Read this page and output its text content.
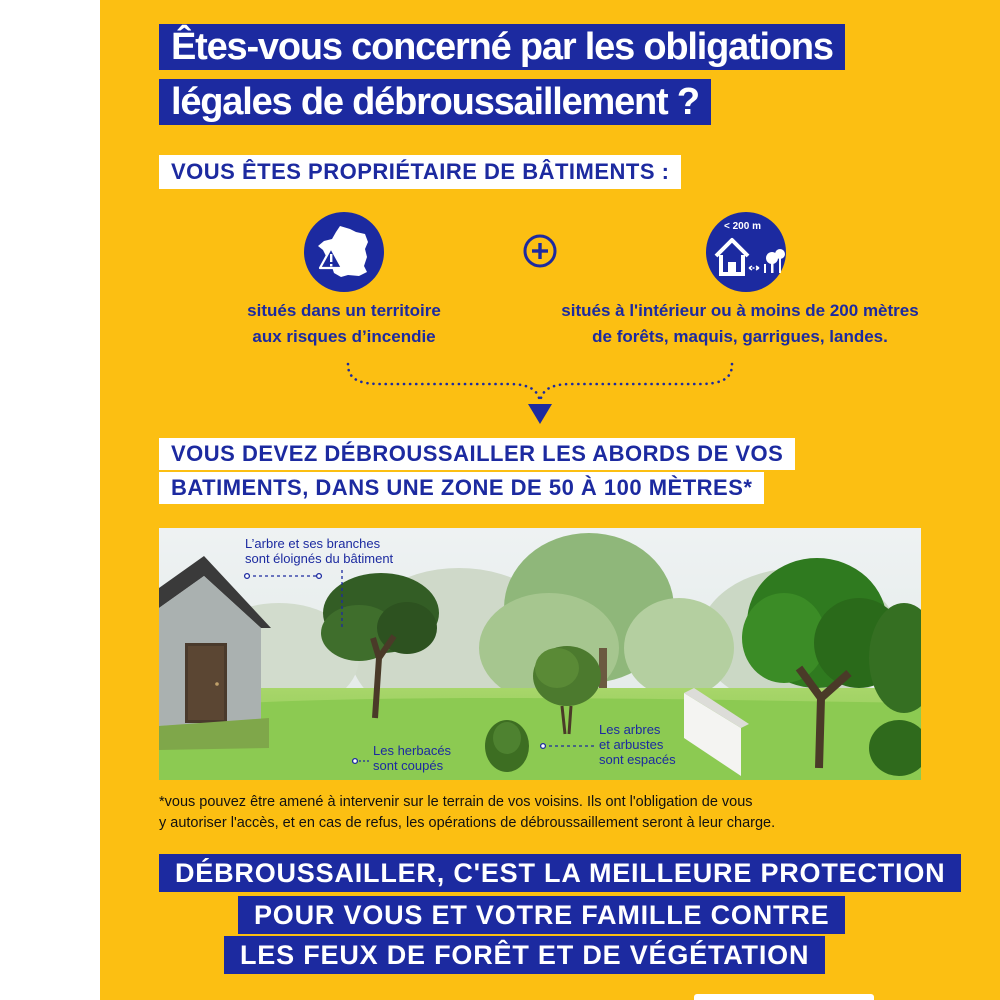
Êtes-vous concerné par les obligations
légales de débroussaillement ?
VOUS ÊTES PROPRIÉTAIRE DE BÂTIMENTS :
< 200 m
situés dans un territoire
aux risques d’incendie
situés à l'intérieur ou à moins de 200 mètres
de forêts, maquis, garrigues, landes.
VOUS DEVEZ DÉBROUSSAILLER LES ABORDS DE VOS
BATIMENTS, DANS UNE ZONE DE 50 À 100 MÈTRES*
L’arbre et ses branches
sont éloignés du bâtiment
Les herbacés
sont coupés
Les arbres
et arbustes
sont espacés
*vous pouvez être amené à intervenir sur le terrain de vos voisins. Ils ont l'obligation de vous
y autoriser l'accès, et en cas de refus, les opérations de débroussaillement seront à leur charge.
DÉBROUSSAILLER, C'EST LA MEILLEURE PROTECTION
POUR VOUS ET VOTRE FAMILLE CONTRE
LES FEUX DE FORÊT ET DE VÉGÉTATION
